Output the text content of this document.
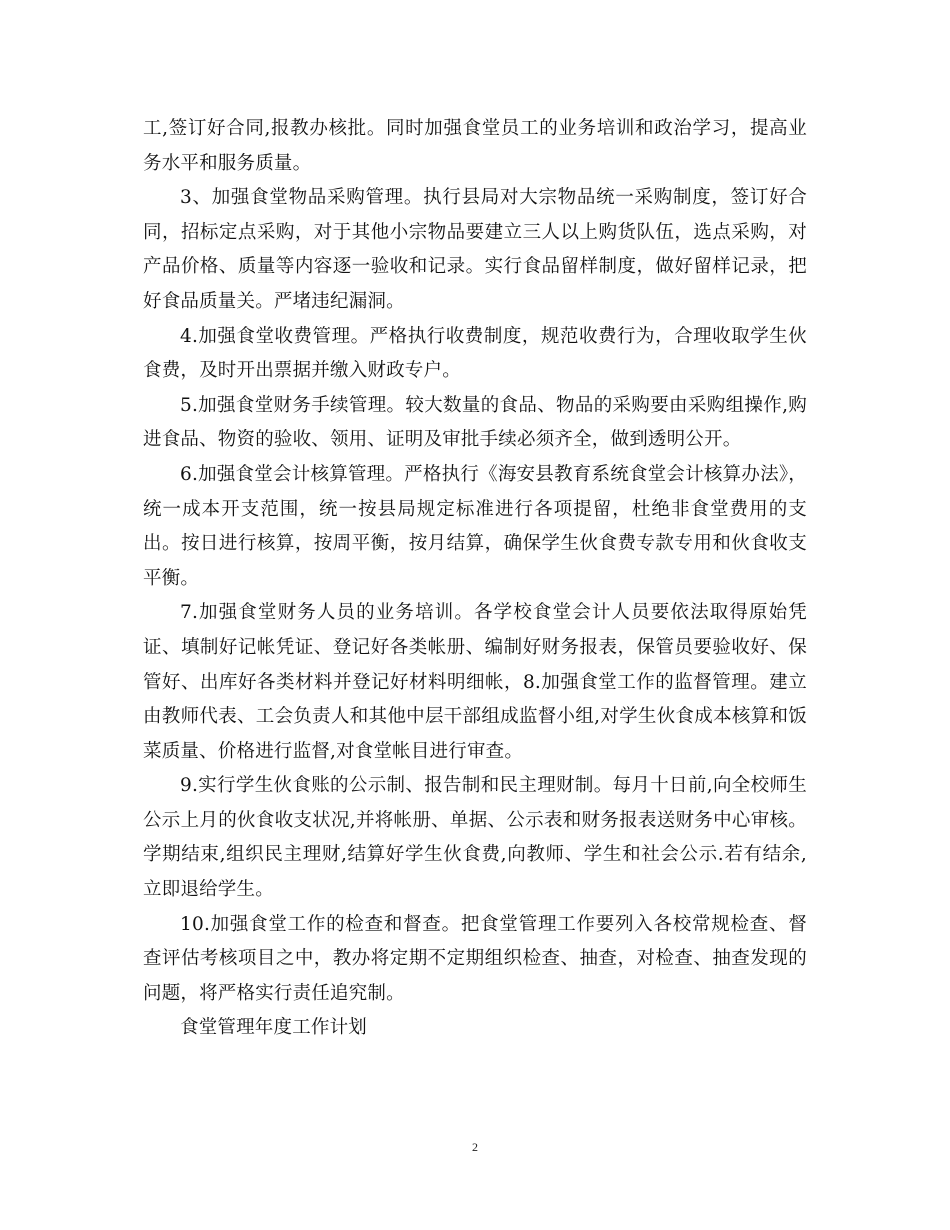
工,签订好合同,报教办核批。同时加强食堂员工的业务培训和政治学习，提高业务水平和服务质量。

3、加强食堂物品采购管理。执行县局对大宗物品统一采购制度，签订好合同，招标定点采购，对于其他小宗物品要建立三人以上购货队伍，选点采购，对产品价格、质量等内容逐一验收和记录。实行食品留样制度，做好留样记录，把好食品质量关。严堵违纪漏洞。

4.加强食堂收费管理。严格执行收费制度，规范收费行为，合理收取学生伙食费，及时开出票据并缴入财政专户。

5.加强食堂财务手续管理。较大数量的食品、物品的采购要由采购组操作,购进食品、物资的验收、领用、证明及审批手续必须齐全，做到透明公开。

6.加强食堂会计核算管理。严格执行《海安县教育系统食堂会计核算办法》，统一成本开支范围，统一按县局规定标准进行各项提留，杜绝非食堂费用的支出。按日进行核算，按周平衡，按月结算，确保学生伙食费专款专用和伙食收支平衡。

7.加强食堂财务人员的业务培训。各学校食堂会计人员要依法取得原始凭证、填制好记帐凭证、登记好各类帐册、编制好财务报表，保管员要验收好、保管好、出库好各类材料并登记好材料明细帐，8.加强食堂工作的监督管理。建立由教师代表、工会负责人和其他中层干部组成监督小组,对学生伙食成本核算和饭菜质量、价格进行监督,对食堂帐目进行审查。

9.实行学生伙食账的公示制、报告制和民主理财制。每月十日前,向全校师生公示上月的伙食收支状况,并将帐册、单据、公示表和财务报表送财务中心审核。学期结束,组织民主理财,结算好学生伙食费,向教师、学生和社会公示.若有结余,立即退给学生。

10.加强食堂工作的检查和督查。把食堂管理工作要列入各校常规检查、督查评估考核项目之中，教办将定期不定期组织检查、抽查，对检查、抽查发现的问题，将严格实行责任追究制。

食堂管理年度工作计划

2
